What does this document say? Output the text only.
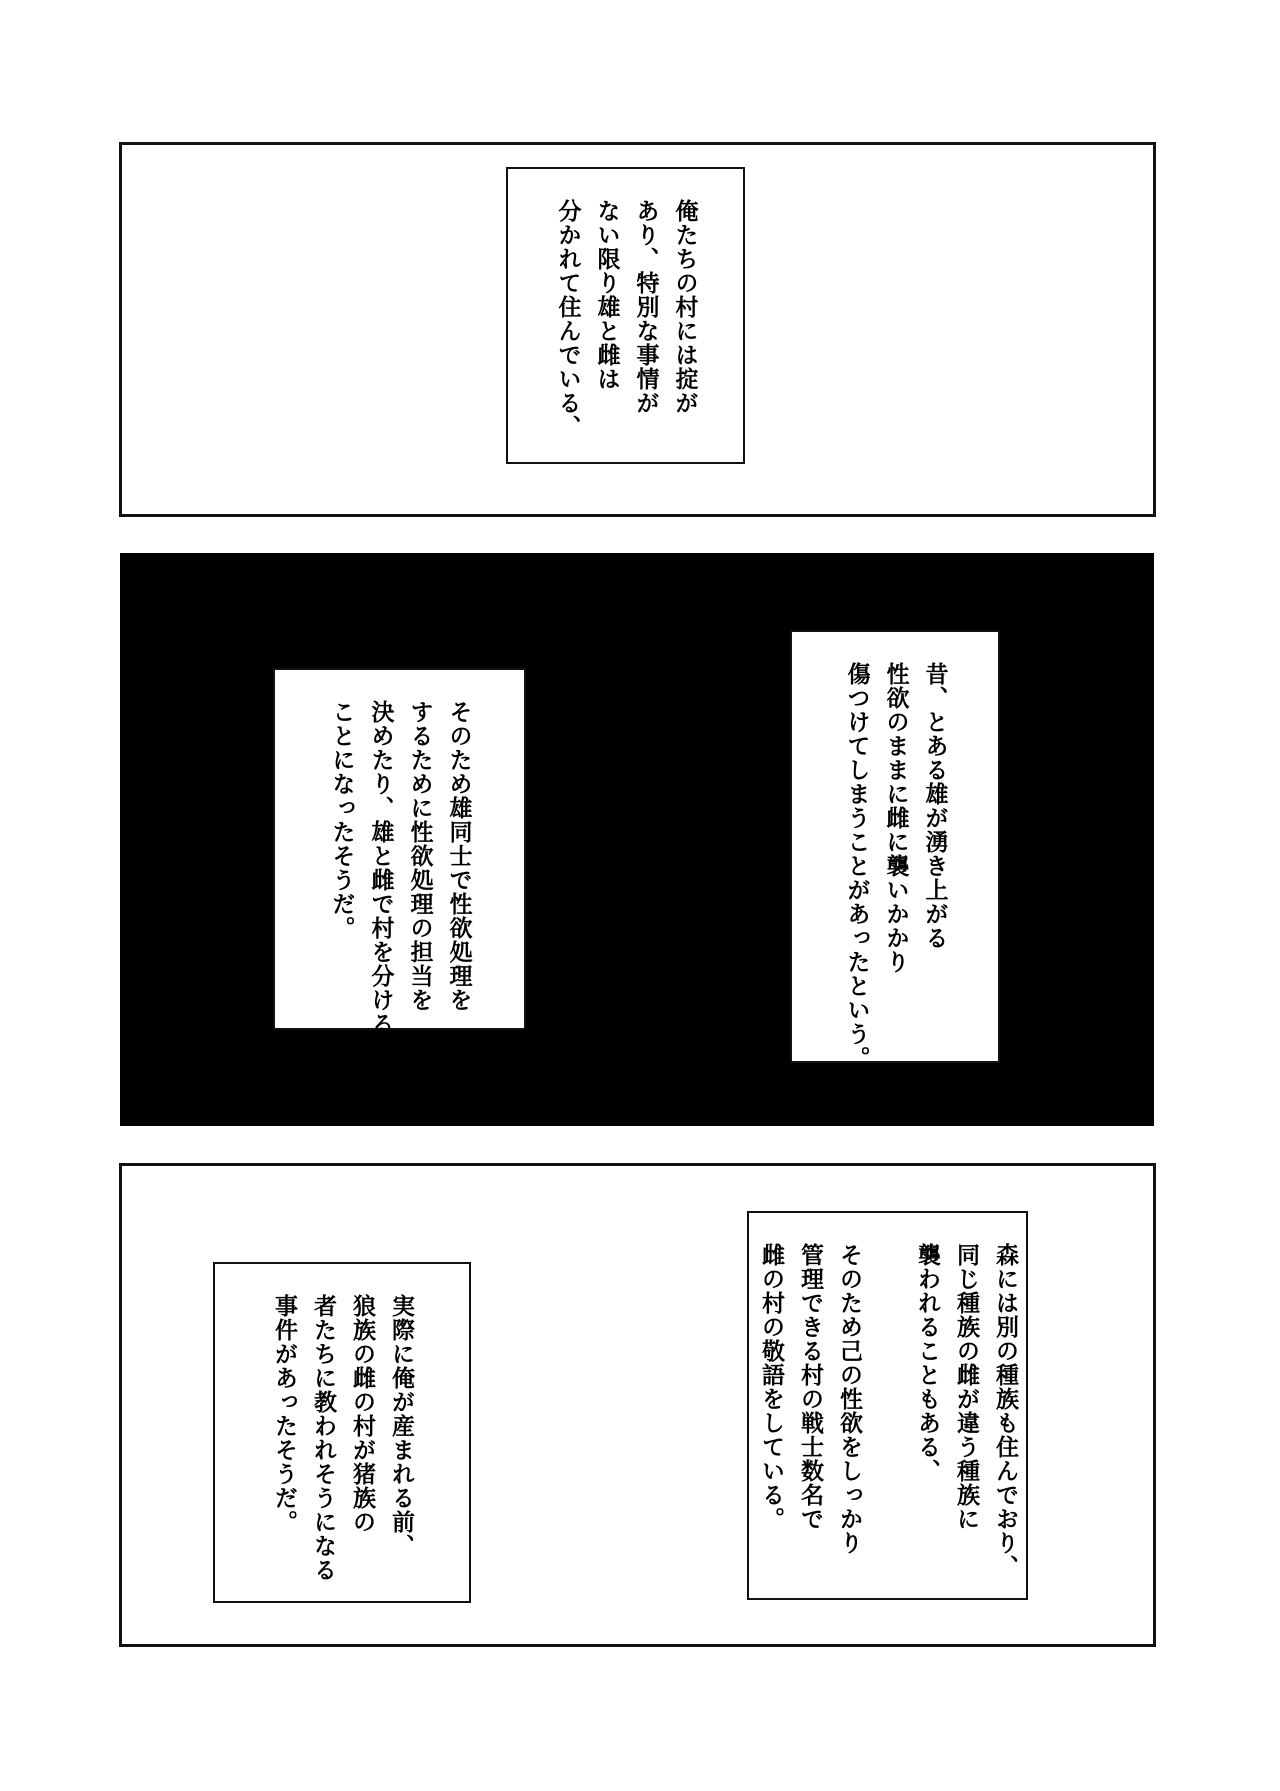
俺たちの村には掟が
あり、特別な事情が
ない限り雄と雌は
分かれて住んでいる、
昔、とある雄が湧き上がる
性欲のままに雌に襲いかかり
傷つけてしまうことがあったという。
そのため雄同士で性欲処理を
するために性欲処理の担当を
決めたり、雄と雌で村を分ける
ことになったそうだ。
森には別の種族も住んでおり、
同じ種族の雌が違う種族に
襲われることもある、

そのため己の性欲をしっかり
管理できる村の戦士数名で
雌の村の敬語をしている。
実際に俺が産まれる前、
狼族の雌の村が猪族の
者たちに教われそうになる
事件があったそうだ。
